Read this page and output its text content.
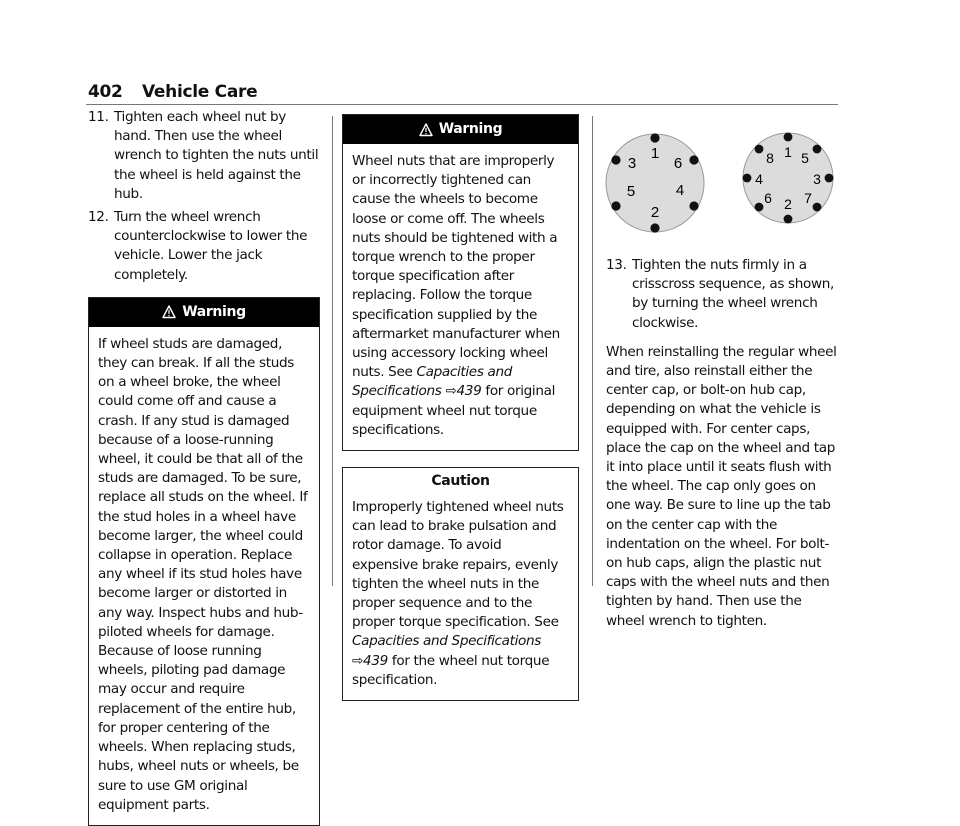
402 Vehicle Care
11. Tighten each wheel nut by hand. Then use the wheel wrench to tighten the nuts until the wheel is held against the hub.
12. Turn the wheel wrench counterclockwise to lower the vehicle. Lower the jack completely.
Warning
If wheel studs are damaged, they can break. If all the studs on a wheel broke, the wheel could come off and cause a crash. If any stud is damaged because of a loose-running wheel, it could be that all of the studs are damaged. To be sure, replace all studs on the wheel. If the stud holes in a wheel have become larger, the wheel could collapse in operation. Replace any wheel if its stud holes have become larger or distorted in any way. Inspect hubs and hub-piloted wheels for damage. Because of loose running wheels, piloting pad damage may occur and require replacement of the entire hub, for proper centering of the wheels. When replacing studs, hubs, wheel nuts or wheels, be sure to use GM original equipment parts.
Warning
Wheel nuts that are improperly or incorrectly tightened can cause the wheels to become loose or come off. The wheels nuts should be tightened with a torque wrench to the proper torque specification after replacing. Follow the torque specification supplied by the aftermarket manufacturer when using accessory locking wheel nuts. See Capacities and Specifications ⇨439 for original equipment wheel nut torque specifications.
Caution
Improperly tightened wheel nuts can lead to brake pulsation and rotor damage. To avoid expensive brake repairs, evenly tighten the wheel nuts in the proper sequence and to the proper torque specification. See Capacities and Specifications ⇨439 for the wheel nut torque specification.
1
2
3
4
5
6
1
2
3
4
5
6 7
8
13. Tighten the nuts firmly in a crisscross sequence, as shown, by turning the wheel wrench clockwise.
When reinstalling the regular wheel and tire, also reinstall either the center cap, or bolt-on hub cap, depending on what the vehicle is equipped with. For center caps, place the cap on the wheel and tap it into place until it seats flush with the wheel. The cap only goes on one way. Be sure to line up the tab on the center cap with the indentation on the wheel. For bolt-on hub caps, align the plastic nut caps with the wheel nuts and then tighten by hand. Then use the wheel wrench to tighten.
